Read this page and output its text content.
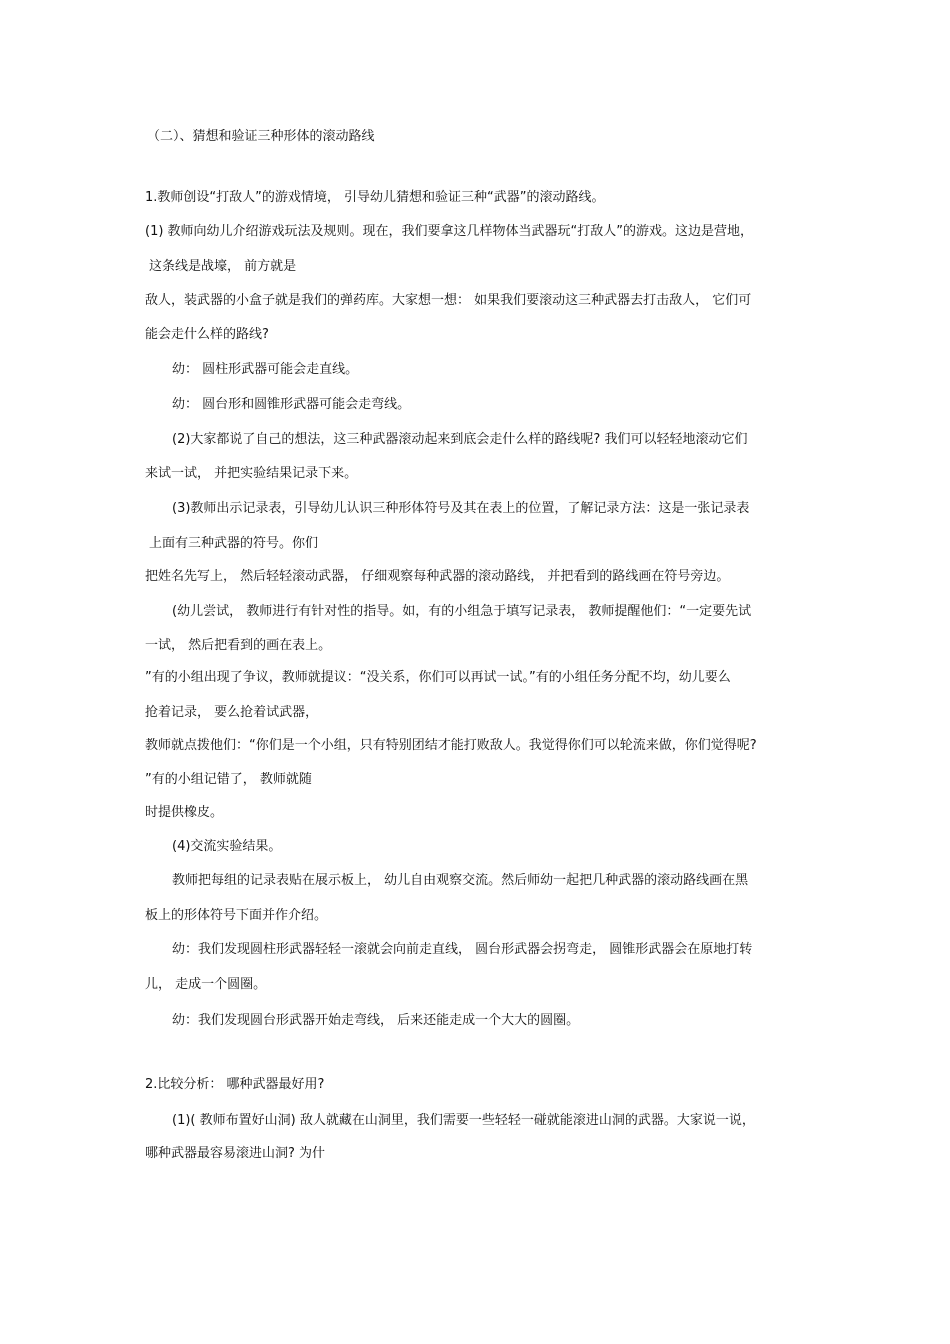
（二）、猜想和验证三种形体的滚动路线

1.教师创设“打敌人”的游戏情境， 引导幼儿猜想和验证三种“武器”的滚动路线。

(1) 教师向幼儿介绍游戏玩法及规则。现在，我们要拿这几样物体当武器玩“打敌人”的游戏。这边是营地，

这条线是战壕， 前方就是

敌人，装武器的小盒子就是我们的弹药库。大家想一想： 如果我们要滚动这三种武器去打击敌人， 它们可

能会走什么样的路线?

幼： 圆柱形武器可能会走直线。

幼： 圆台形和圆锥形武器可能会走弯线。

(2)大家都说了自己的想法，这三种武器滚动起来到底会走什么样的路线呢? 我们可以轻轻地滚动它们

来试一试， 并把实验结果记录下来。

(3)教师出示记录表，引导幼儿认识三种形体符号及其在表上的位置，了解记录方法：这是一张记录表

上面有三种武器的符号。你们

把姓名先写上， 然后轻轻滚动武器， 仔细观察每种武器的滚动路线， 并把看到的路线画在符号旁边。

(幼儿尝试， 教师进行有针对性的指导。如，有的小组急于填写记录表， 教师提醒他们：“一定要先试

一试， 然后把看到的画在表上。

”有的小组出现了争议，教师就提议：“没关系，你们可以再试一试。”有的小组任务分配不均，幼儿要么

抢着记录， 要么抢着试武器，

教师就点拨他们：“你们是一个小组，只有特别团结才能打败敌人。我觉得你们可以轮流来做，你们觉得呢?

”有的小组记错了， 教师就随

时提供橡皮。

(4)交流实验结果。

教师把每组的记录表贴在展示板上， 幼儿自由观察交流。然后师幼一起把几种武器的滚动路线画在黑

板上的形体符号下面并作介绍。

幼：我们发现圆柱形武器轻轻一滚就会向前走直线， 圆台形武器会拐弯走， 圆锥形武器会在原地打转

儿， 走成一个圆圈。

幼：我们发现圆台形武器开始走弯线， 后来还能走成一个大大的圆圈。

2.比较分析： 哪种武器最好用?

(1)( 教师布置好山洞) 敌人就藏在山洞里，我们需要一些轻轻一碰就能滚进山洞的武器。大家说一说，

哪种武器最容易滚进山洞? 为什
